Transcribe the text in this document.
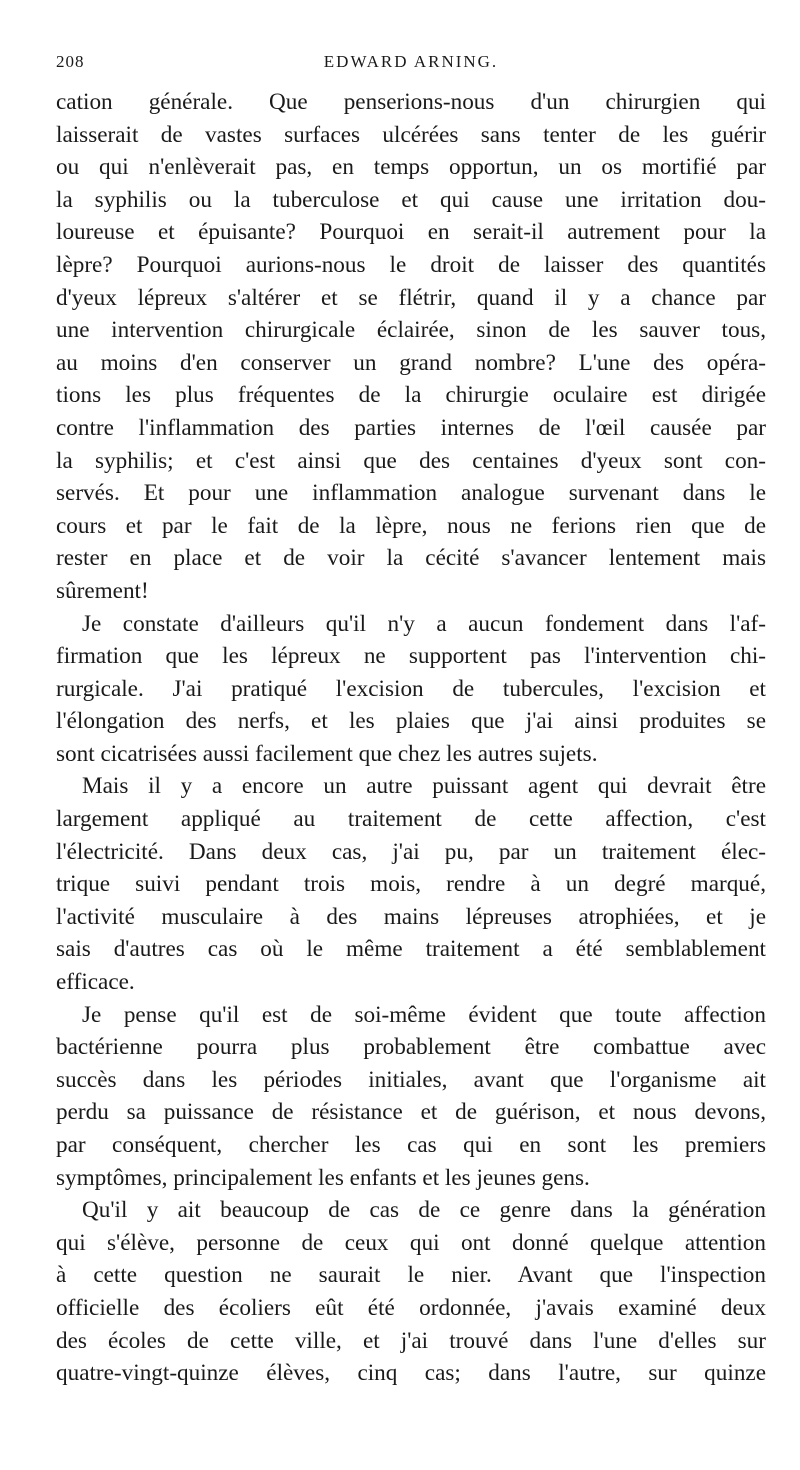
208	EDWARD ARNING.
cation générale. Que penserions-nous d'un chirurgien qui
laisserait de vastes surfaces ulcérées sans tenter de les guérir
ou qui n'enlèverait pas, en temps opportun, un os mortifié par
la syphilis ou la tuberculose et qui cause une irritation dou-
loureuse et épuisante? Pourquoi en serait-il autrement pour la
lèpre? Pourquoi aurions-nous le droit de laisser des quantités
d'yeux lépreux s'altérer et se flétrir, quand il y a chance par
une intervention chirurgicale éclairée, sinon de les sauver tous,
au moins d'en conserver un grand nombre? L'une des opéra-
tions les plus fréquentes de la chirurgie oculaire est dirigée
contre l'inflammation des parties internes de l'œil causée par
la syphilis; et c'est ainsi que des centaines d'yeux sont con-
servés. Et pour une inflammation analogue survenant dans le
cours et par le fait de la lèpre, nous ne ferions rien que de
rester en place et de voir la cécité s'avancer lentement mais
sûrement!
Je constate d'ailleurs qu'il n'y a aucun fondement dans l'af-
firmation que les lépreux ne supportent pas l'intervention chi-
rurgicale. J'ai pratiqué l'excision de tubercules, l'excision et
l'élongation des nerfs, et les plaies que j'ai ainsi produites se
sont cicatrisées aussi facilement que chez les autres sujets.
Mais il y a encore un autre puissant agent qui devrait être
largement appliqué au traitement de cette affection, c'est
l'électricité. Dans deux cas, j'ai pu, par un traitement élec-
trique suivi pendant trois mois, rendre à un degré marqué,
l'activité musculaire à des mains lépreuses atrophiées, et je
sais d'autres cas où le même traitement a été semblablement
efficace.
Je pense qu'il est de soi-même évident que toute affection
bactérienne pourra plus probablement être combattue avec
succès dans les périodes initiales, avant que l'organisme ait
perdu sa puissance de résistance et de guérison, et nous devons,
par conséquent, chercher les cas qui en sont les premiers
symptômes, principalement les enfants et les jeunes gens.
Qu'il y ait beaucoup de cas de ce genre dans la génération
qui s'élève, personne de ceux qui ont donné quelque attention
à cette question ne saurait le nier. Avant que l'inspection
officielle des écoliers eût été ordonnée, j'avais examiné deux
des écoles de cette ville, et j'ai trouvé dans l'une d'elles sur
quatre-vingt-quinze élèves, cinq cas; dans l'autre, sur quinze
